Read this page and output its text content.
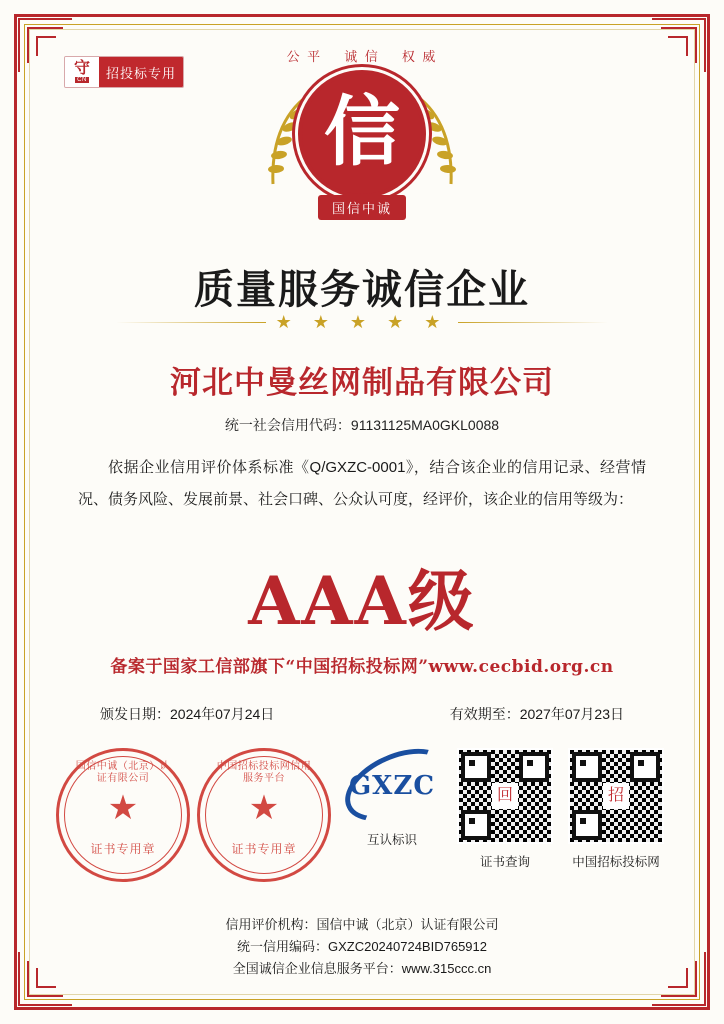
守
CN	招投标专用
公 平 诚 信 权 威
信
国信中诚
质量服务诚信企业
★ ★ ★ ★ ★
河北中曼丝网制品有限公司
统一社会信用代码：91131125MA0GKL0088
依据企业信用评价体系标准《Q/GXZC-0001》，结合该企业的信用记录、经营情况、债务风险、发展前景、社会口碑、公众认可度，经评价，该企业的信用等级为：
AAA级
备案于国家工信部旗下“中国招标投标网”www.cecbid.org.cn
颁发日期：2024年07月24日	有效期至：2027年07月23日
国信中诚（北京）认证有限公司
★
证书专用章
中国招标投标网信用服务平台
★
证书专用章
GXZC
互认标识
回
证书查询
招
中国招标投标网
信用评价机构：国信中诚（北京）认证有限公司
统一信用编码：GXZC20240724BID765912
全国诚信企业信息服务平台：www.315ccc.cn
